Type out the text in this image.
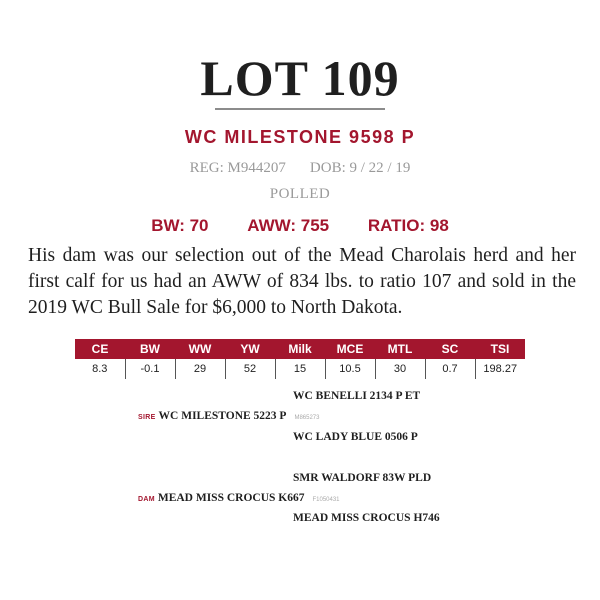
LOT 109
WC MILESTONE 9598 P
REG: M944207 DOB: 9 / 22 / 19
POLLED
BW: 70 AWW: 755 RATIO: 98
His dam was our selection out of the Mead Charolais herd and her first calf for us had an AWW of 834 lbs. to ratio 107 and sold in the 2019 WC Bull Sale for $6,000 to North Dakota.
CE	BW	WW	YW	Milk	MCE	MTL	SC	TSI
8.3	-0.1	29	52	15	10.5	30	0.7	198.27
WC BENELLI 2134 P ET
SIRE WC MILESTONE 5223 P M865273
WC LADY BLUE 0506 P
SMR WALDORF 83W PLD
DAM MEAD MISS CROCUS K667 F1050431
MEAD MISS CROCUS H746
